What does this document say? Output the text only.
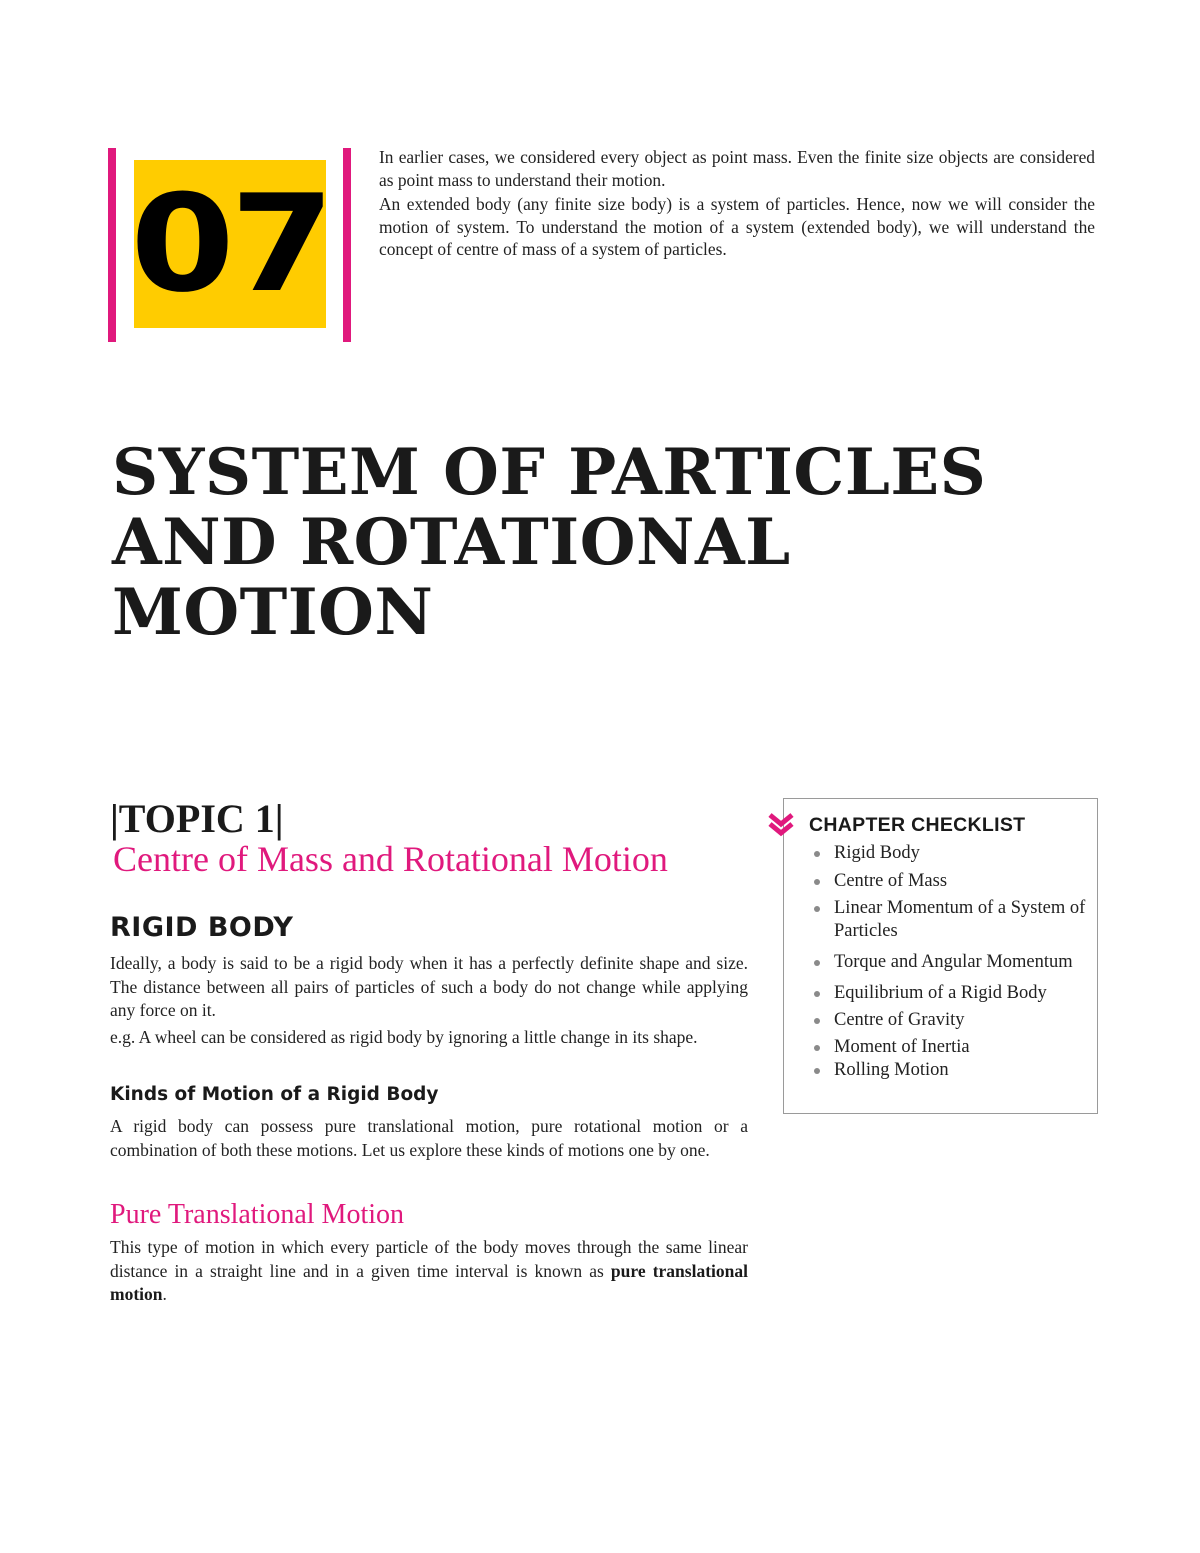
07

In earlier cases, we considered every object as point mass. Even the finite size objects are considered as point mass to understand their motion.

An extended body (any finite size body) is a system of particles. Hence, now we will consider the motion of system. To understand the motion of a system (extended body), we will understand the concept of centre of mass of a system of particles.

SYSTEM OF PARTICLES
AND ROTATIONAL
MOTION
|TOPIC 1|
Centre of Mass and Rotational Motion
RIGID BODY

Ideally, a body is said to be a rigid body when it has a perfectly definite shape and size. The distance between all pairs of particles of such a body do not change while applying any force on it.

e.g. A wheel can be considered as rigid body by ignoring a little change in its shape.

Kinds of Motion of a Rigid Body

A rigid body can possess pure translational motion, pure rotational motion or a combination of both these motions. Let us explore these kinds of motions one by one.

Pure Translational Motion

This type of motion in which every particle of the body moves through the same linear distance in a straight line and in a given time interval is known as pure translational motion.

CHAPTER CHECKLIST
Rigid Body
Centre of Mass
Linear Momentum of a System of Particles
Torque and Angular Momentum
Equilibrium of a Rigid Body
Centre of Gravity
Moment of Inertia
Rolling Motion
